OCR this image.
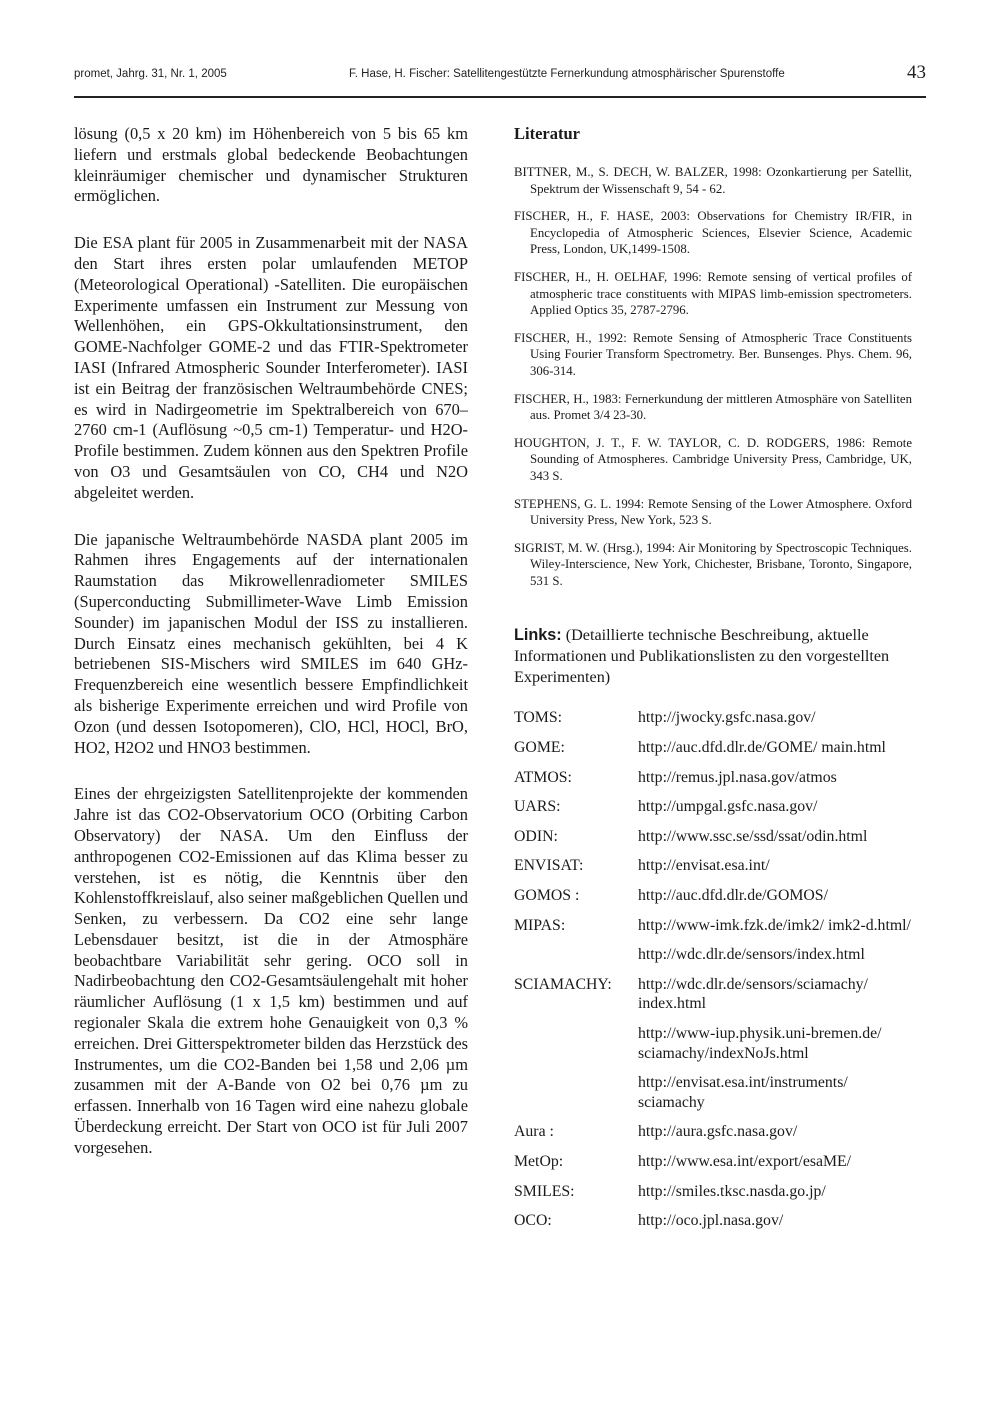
promet, Jahrg. 31, Nr. 1, 2005	F. Hase, H. Fischer: Satellitengestützte Fernerkundung atmosphärischer Spurenstoffe	43

lösung (0,5 x 20 km) im Höhenbereich von 5 bis 65 km liefern und erstmals global bedeckende Beobachtungen kleinräumiger chemischer und dynamischer Strukturen ermöglichen.

Die ESA plant für 2005 in Zusammenarbeit mit der NASA den Start ihres ersten polar umlaufenden METOP (Meteorological Operational) -Satelliten. Die europäischen Experimente umfassen ein Instrument zur Messung von Wellenhöhen, ein GPS-Okkultationsinstrument, den GOME-Nachfolger GOME-2 und das FTIR-Spektrometer IASI (Infrared Atmospheric Sounder Interferometer). IASI ist ein Beitrag der französischen Weltraumbehörde CNES; es wird in Nadirgeometrie im Spektralbereich von 670–2760 cm-1 (Auflösung ~0,5 cm-1) Temperatur- und H2O-Profile bestimmen. Zudem können aus den Spektren Profile von O3 und Gesamtsäulen von CO, CH4 und N2O abgeleitet werden.

Die japanische Weltraumbehörde NASDA plant 2005 im Rahmen ihres Engagements auf der internationalen Raumstation das Mikrowellenradiometer SMILES (Superconducting Submillimeter-Wave Limb Emission Sounder) im japanischen Modul der ISS zu installieren. Durch Einsatz eines mechanisch gekühlten, bei 4 K betriebenen SIS-Mischers wird SMILES im 640 GHz-Frequenzbereich eine wesentlich bessere Empfindlichkeit als bisherige Experimente erreichen und wird Profile von Ozon (und dessen Isotopomeren), ClO, HCl, HOCl, BrO, HO2, H2O2 und HNO3 bestimmen.

Eines der ehrgeizigsten Satellitenprojekte der kommenden Jahre ist das CO2-Observatorium OCO (Orbiting Carbon Observatory) der NASA. Um den Einfluss der anthropogenen CO2-Emissionen auf das Klima besser zu verstehen, ist es nötig, die Kenntnis über den Kohlenstoffkreislauf, also seiner maßgeblichen Quellen und Senken, zu verbessern. Da CO2 eine sehr lange Lebensdauer besitzt, ist die in der Atmosphäre beobachtbare Variabilität sehr gering. OCO soll in Nadirbeobachtung den CO2-Gesamtsäulengehalt mit hoher räumlicher Auflösung (1 x 1,5 km) bestimmen und auf regionaler Skala die extrem hohe Genauigkeit von 0,3 % erreichen. Drei Gitterspektrometer bilden das Herzstück des Instrumentes, um die CO2-Banden bei 1,58 und 2,06 µm zusammen mit der A-Bande von O2 bei 0,76 µm zu erfassen. Innerhalb von 16 Tagen wird eine nahezu globale Überdeckung erreicht. Der Start von OCO ist für Juli 2007 vorgesehen.

Literatur
BITTNER, M., S. DECH, W. BALZER, 1998: Ozonkartierung per Satellit, Spektrum der Wissenschaft 9, 54 - 62.
FISCHER, H., F. HASE, 2003: Observations for Chemistry IR/FIR, in Encyclopedia of Atmospheric Sciences, Elsevier Science, Academic Press, London, UK,1499-1508.
FISCHER, H., H. OELHAF, 1996: Remote sensing of vertical profiles of atmospheric trace constituents with MIPAS limb-emission spectrometers. Applied Optics 35, 2787-2796.
FISCHER, H., 1992: Remote Sensing of Atmospheric Trace Constituents Using Fourier Transform Spectrometry. Ber. Bunsenges. Phys. Chem. 96, 306-314.
FISCHER, H., 1983: Fernerkundung der mittleren Atmosphäre von Satelliten aus. Promet 3/4 23-30.
HOUGHTON, J. T., F. W. TAYLOR, C. D. RODGERS, 1986: Remote Sounding of Atmospheres. Cambridge University Press, Cambridge, UK, 343 S.
STEPHENS, G. L. 1994: Remote Sensing of the Lower Atmosphere. Oxford University Press, New York, 523 S.
SIGRIST, M. W. (Hrsg.), 1994: Air Monitoring by Spectroscopic Techniques. Wiley-Interscience, New York, Chichester, Brisbane, Toronto, Singapore, 531 S.
Links: (Detaillierte technische Beschreibung, aktuelle Informationen und Publikationslisten zu den vorgestellten Experimenten)
TOMS:	http://jwocky.gsfc.nasa.gov/
GOME:	http://auc.dfd.dlr.de/GOME/ main.html
ATMOS:	http://remus.jpl.nasa.gov/atmos
UARS:	http://umpgal.gsfc.nasa.gov/
ODIN:	http://www.ssc.se/ssd/ssat/odin.html
ENVISAT:	http://envisat.esa.int/
GOMOS :	http://auc.dfd.dlr.de/GOMOS/
MIPAS:	http://www-imk.fzk.de/imk2/ imk2-d.html/
	http://wdc.dlr.de/sensors/index.html
SCIAMACHY:	http://wdc.dlr.de/sensors/sciamachy/ index.html
	http://www-iup.physik.uni-bremen.de/ sciamachy/indexNoJs.html
	http://envisat.esa.int/instruments/ sciamachy
Aura :	http://aura.gsfc.nasa.gov/
MetOp:	http://www.esa.int/export/esaME/
SMILES:	http://smiles.tksc.nasda.go.jp/
OCO:	http://oco.jpl.nasa.gov/
